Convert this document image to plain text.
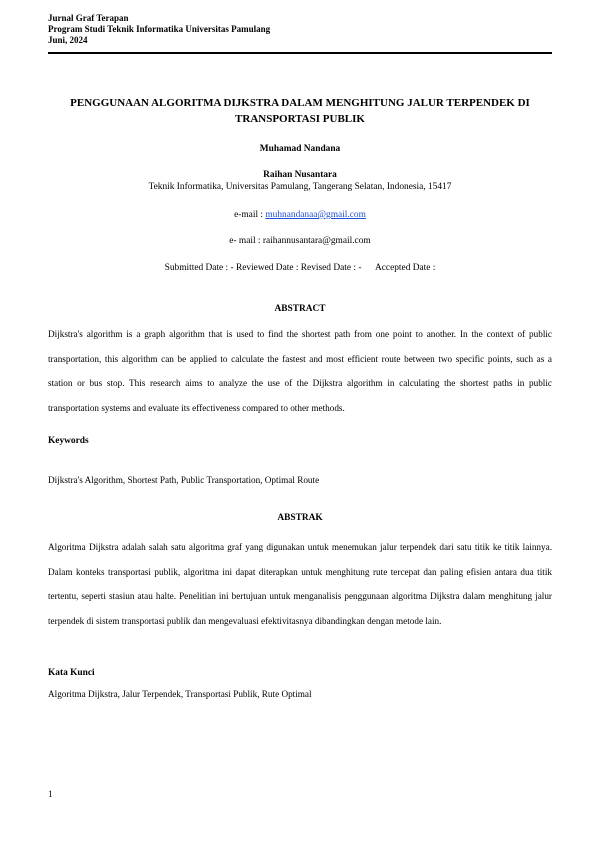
Jurnal Graf Terapan
Program Studi Teknik Informatika Universitas Pamulang
Juni, 2024
PENGGUNAAN ALGORITMA DIJKSTRA DALAM MENGHITUNG JALUR TERPENDEK DI TRANSPORTASI PUBLIK
Muhamad Nandana
Raihan Nusantara
Teknik Informatika, Universitas Pamulang, Tangerang Selatan, Indonesia, 15417
e-mail : muhnandanaa@gmail.com
e- mail : raihannusantara@gmail.com
Submitted Date : - Reviewed Date : Revised Date : -      Accepted Date :
ABSTRACT
Dijkstra's algorithm is a graph algorithm that is used to find the shortest path from one point to another. In the context of public transportation, this algorithm can be applied to calculate the fastest and most efficient route between two specific points, such as a station or bus stop. This research aims to analyze the use of the Dijkstra algorithm in calculating the shortest paths in public transportation systems and evaluate its effectiveness compared to other methods.
Keywords
Dijkstra's Algorithm, Shortest Path, Public Transportation, Optimal Route
ABSTRAK
Algoritma Dijkstra adalah salah satu algoritma graf yang digunakan untuk menemukan jalur terpendek dari satu titik ke titik lainnya. Dalam konteks transportasi publik, algoritma ini dapat diterapkan untuk menghitung rute tercepat dan paling efisien antara dua titik tertentu, seperti stasiun atau halte. Penelitian ini bertujuan untuk menganalisis penggunaan algoritma Dijkstra dalam menghitung jalur terpendek di sistem transportasi publik dan mengevaluasi efektivitasnya dibandingkan dengan metode lain.
Kata Kunci
Algoritma Dijkstra, Jalur Terpendek, Transportasi Publik, Rute Optimal
1
